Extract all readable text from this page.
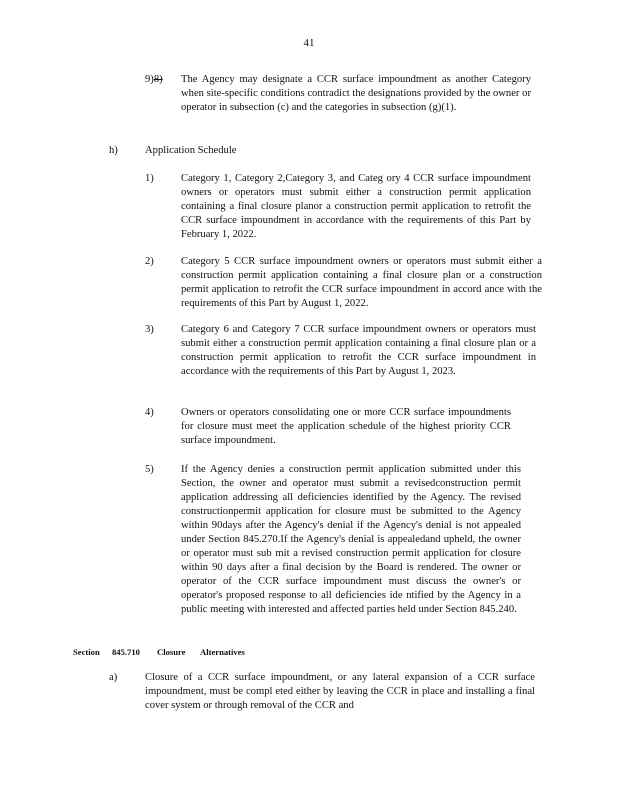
41
9)8)	The Agency may designate a CCR surface impoundment as another Category when site-specific conditions contradict the designations provided by the owner or operator in subsection (c) and the categories in subsection (g)(1).
h)	Application Schedule
1)	Category 1, Category 2,Category 3, and Categ ory 4 CCR surface impoundment owners or operators must submit either a construction permit application containing a final closure planor a construction permit application to retrofit the CCR surface impoundment in accordance with the requirements of this Part by February 1, 2022.
2)	Category 5 CCR surface impoundment owners or operators must submit either a construction permit application containing a final closure plan or a construction permit application to retrofit the CCR surface impoundment in accord ance with the requirements of this Part by August 1, 2022.
3)	Category 6 and Category 7 CCR surface impoundment owners or operators must submit either a construction permit application containing a final closure plan or a construction permit application to retrofit the CCR surface impoundment in accordance with the requirements of this Part by August 1, 2023.
4)	Owners or operators consolidating one or more CCR surface impoundments for closure must meet the application schedule of the highest priority CCR surface impoundment.
5)	If the Agency denies a construction permit application submitted under this Section, the owner and operator must submit a revisedconstruction permit application addressing all deficiencies identified by the Agency. The revised constructionpermit application for closure must be submitted to the Agency within 90days after the Agency's denial if the Agency's denial is not appealed under Section 845.270.If the Agency's denial is appealedand upheld, the owner or operator must sub mit a revised construction permit application for closure within 90 days after a final decision by the Board is rendered. The owner or operator of the CCR surface impoundment must discuss the owner's or operator's proposed response to all deficiencies ide ntified by the Agency in a public meeting with interested and affected parties held under Section 845.240.
Section 845.710 Closure Alternatives
a)	Closure of a CCR surface impoundment, or any lateral expansion of a CCR surface impoundment, must be compl eted either by leaving the CCR in place and installing a final cover system or through removal of the CCR and
